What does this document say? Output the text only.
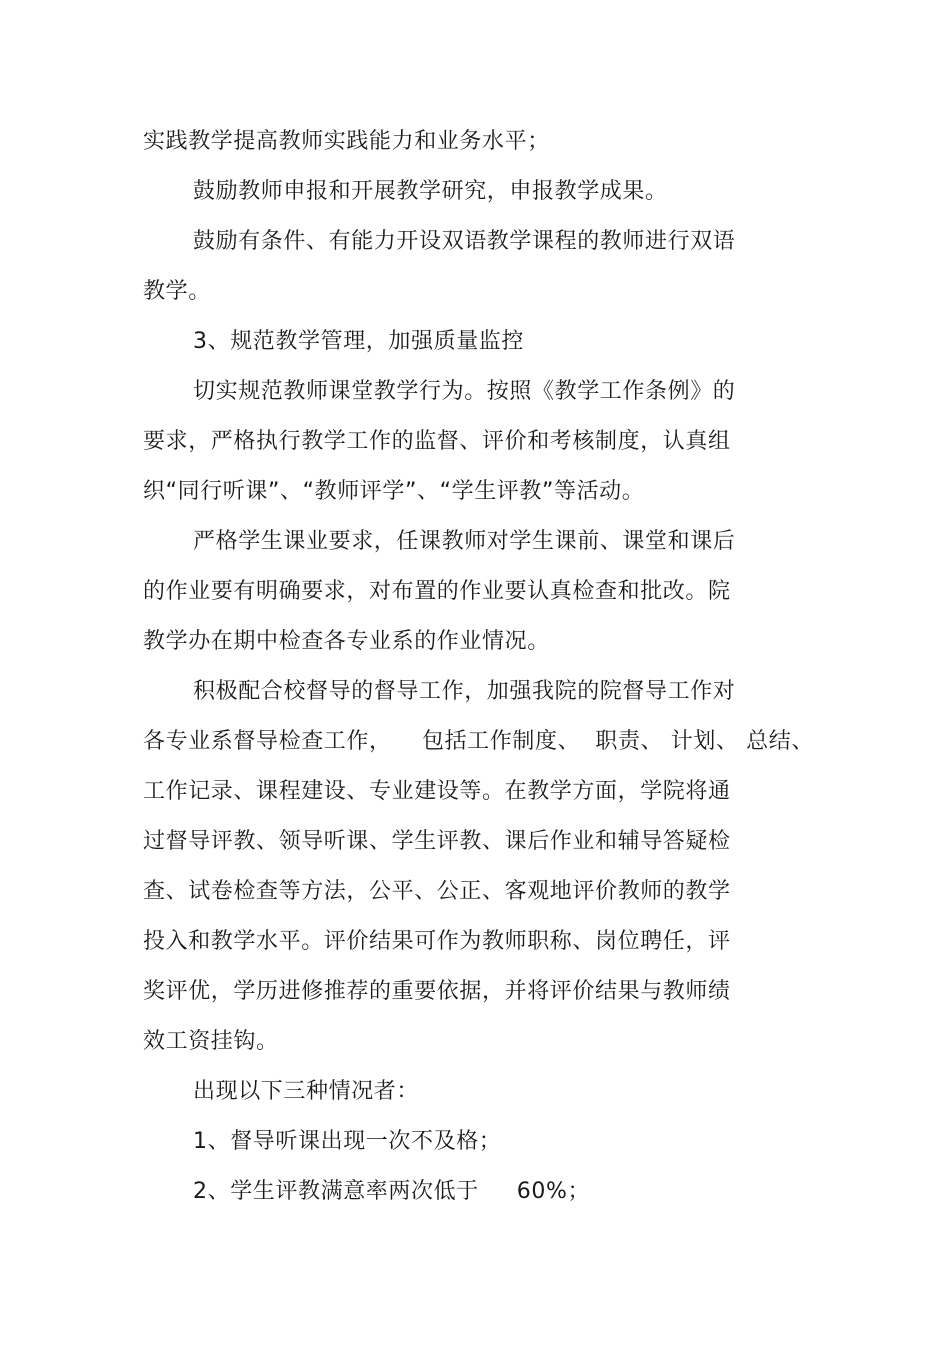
实践教学提高教师实践能力和业务水平；
鼓励教师申报和开展教学研究，申报教学成果。
鼓励有条件、有能力开设双语教学课程的教师进行双语
教学。
3、规范教学管理，加强质量监控
切实规范教师课堂教学行为。按照《教学工作条例》的
要求，严格执行教学工作的监督、评价和考核制度，认真组
织“同行听课”、“教师评学”、“学生评教”等活动。
严格学生课业要求，任课教师对学生课前、课堂和课后
的作业要有明确要求，对布置的作业要认真检查和批改。院
教学办在期中检查各专业系的作业情况。
积极配合校督导的督导工作，加强我院的院督导工作对
各专业系督导检查工作，    包括工作制度、  职责、 计划、 总结、
工作记录、课程建设、专业建设等。在教学方面，学院将通
过督导评教、领导听课、学生评教、课后作业和辅导答疑检
查、试卷检查等方法，公平、公正、客观地评价教师的教学
投入和教学水平。评价结果可作为教师职称、岗位聘任，评
奖评优，学历进修推荐的重要依据，并将评价结果与教师绩
效工资挂钩。
出现以下三种情况者：
1、督导听课出现一次不及格；
2、学生评教满意率两次低于     60%；
